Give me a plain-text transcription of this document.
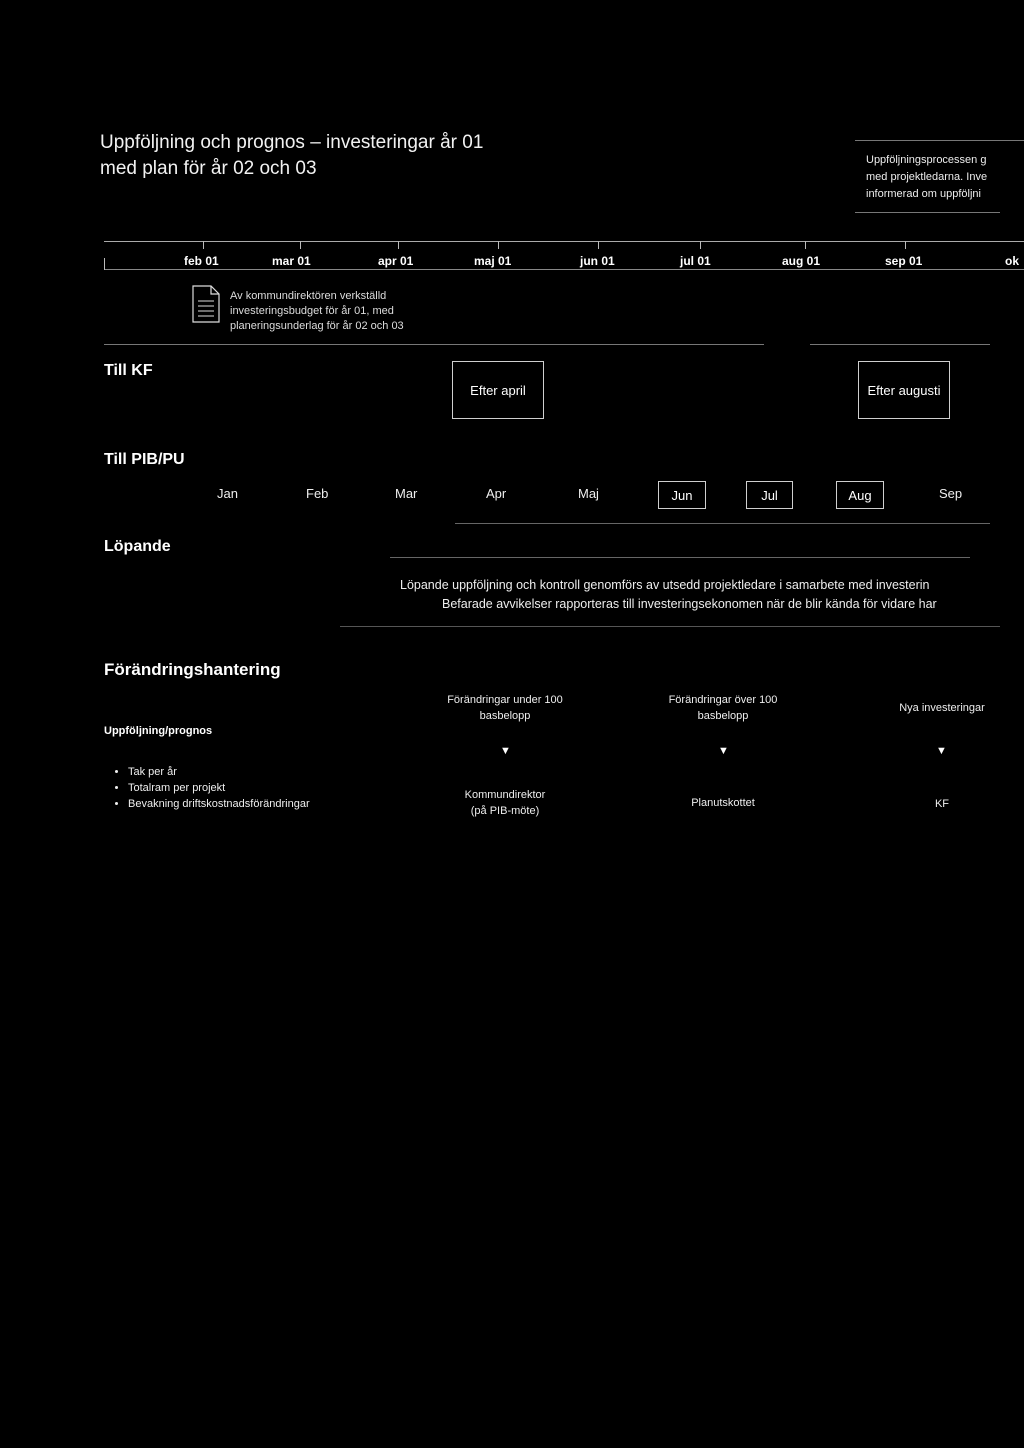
Uppföljning och prognos – investeringar år 01
med plan för år 02 och 03	Uppföljningsprocessen g
med projektledarna. Inve
informerad om uppföljni
feb 01	mar 01	apr 01	maj 01	jun 01	jul 01	aug 01	sep 01	ok
Av kommundirektören verkställd
investeringsbudget för år 01, med
planeringsunderlag för år 02 och 03
Till KF
Efter april	Efter augusti
Till PIB/PU
Jan	Feb	Mar	Apr	Maj	Jun	Jul	Aug	Sep
Löpande
Löpande uppföljning och kontroll genomförs av utsedd projektledare i samarbete med investerin
Befarade avvikelser rapporteras till investeringsekonomen när de blir kända för vidare har
Förändringshantering
Uppföljning/prognos
• Tak per år
• Totalram per projekt
• Bevakning driftskostnadsförändringar
Förändringar under 100
basbelopp
▼
Kommundirektor
(på PIB-möte)
Förändringar över 100
basbelopp
▼
Planutskottet
Nya investeringar
▼
KF
